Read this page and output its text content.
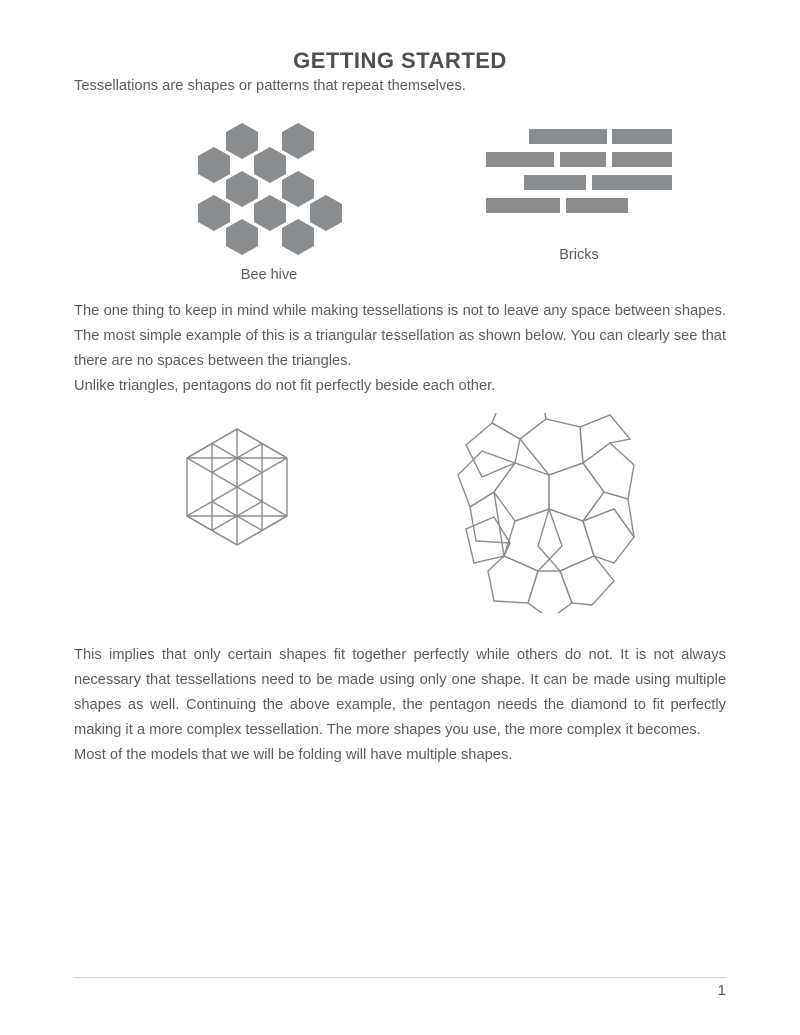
GETTING STARTED

Tessellations are shapes or patterns that repeat themselves.

Bee hive
Bricks

The one thing to keep in mind while making tessellations is not to leave any space between shapes. The most simple example of this is a triangular tessellation as shown below. You can clearly see that there are no spaces between the triangles.

Unlike triangles, pentagons do not fit perfectly beside each other.

This implies that only certain shapes fit together perfectly while others do not. It is not always necessary that tessellations need to be made using only one shape. It can be made using multiple shapes as well. Continuing the above example, the pentagon needs the diamond to fit perfectly making it a more complex tessellation. The more shapes you use, the more complex it becomes.

Most of the models that we will be folding will have multiple shapes.

1
